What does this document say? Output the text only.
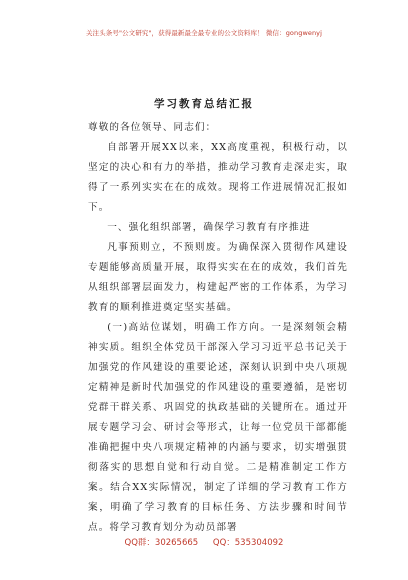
关注头条号"公文研究"，获得最新最全最专业的公文资料库！ 微信：gongwenyj
学习教育总结汇报

尊敬的各位领导、同志们：

自部署开展XX以来，XX高度重视，积极行动，以坚定的决心和有力的举措，推动学习教育走深走实，取得了一系列实实在在的成效。现将工作进展情况汇报如下。

一、强化组织部署，确保学习教育有序推进

凡事预则立，不预则废。为确保深入贯彻作风建设专题能够高质量开展，取得实实在在的成效，我们首先从组织部署层面发力，构建起严密的工作体系，为学习教育的顺利推进奠定坚实基础。

(一)高站位谋划，明确工作方向。一是深刻领会精神实质。组织全体党员干部深入学习习近平总书记关于加强党的作风建设的重要论述，深刻认识到中央八项规定精神是新时代加强党的作风建设的重要遵循，是密切党群干群关系、巩固党的执政基础的关键所在。通过开展专题学习会、研讨会等形式，让每一位党员干部都能准确把握中央八项规定精神的内涵与要求，切实增强贯彻落实的思想自觉和行动自觉。二是精准制定工作方案。结合XX实际情况，制定了详细的学习教育工作方案，明确了学习教育的目标任务、方法步骤和时间节点。将学习教育划分为动员部署

QQ群：30265665 QQ：535304092
